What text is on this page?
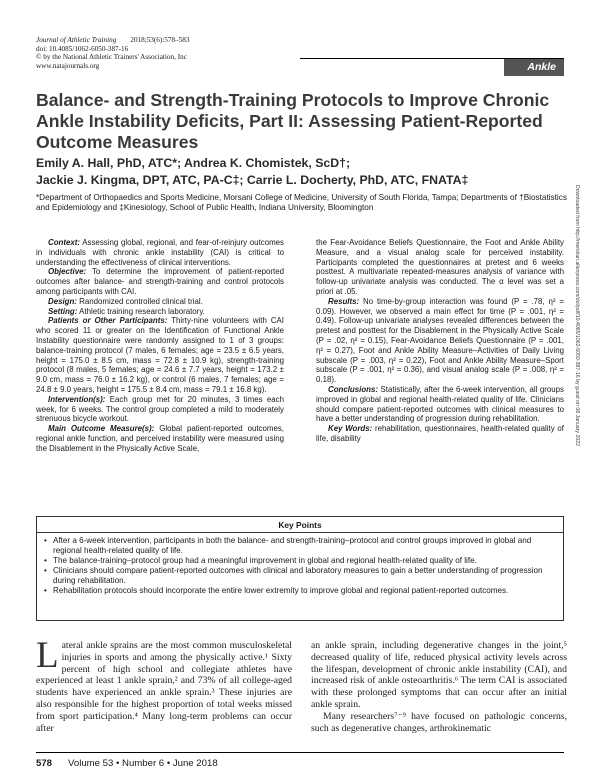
Journal of Athletic Training 2018;53(6):578–583
doi: 10.4085/1062-6050-387-16
© by the National Athletic Trainers' Association, Inc
www.natajournals.org	Ankle
Balance- and Strength-Training Protocols to Improve Chronic Ankle Instability Deficits, Part II: Assessing Patient-Reported Outcome Measures
Emily A. Hall, PhD, ATC*; Andrea K. Chomistek, ScD†;
Jackie J. Kingma, DPT, ATC, PA-C‡; Carrie L. Docherty, PhD, ATC, FNATA‡
*Department of Orthopaedics and Sports Medicine, Morsani College of Medicine, University of South Florida, Tampa; Departments of †Biostatistics and Epidemiology and ‡Kinesiology, School of Public Health, Indiana University, Bloomington	Downloaded from http://meridian.allenpress.com/doi/pdf/10.4085/1062-6050-387-16 by guest on 08 January 2022

Context: Assessing global, regional, and fear-of-reinjury outcomes in individuals with chronic ankle instability (CAI) is critical to understanding the effectiveness of clinical interventions.

Objective: To determine the improvement of patient-reported outcomes after balance- and strength-training and control protocols among participants with CAI.

Design: Randomized controlled clinical trial.

Setting: Athletic training research laboratory.

Patients or Other Participants: Thirty-nine volunteers with CAI who scored 11 or greater on the Identification of Functional Ankle Instability questionnaire were randomly assigned to 1 of 3 groups: balance-training protocol (7 males, 6 females; age = 23.5 ± 6.5 years, height = 175.0 ± 8.5 cm, mass = 72.8 ± 10.9 kg), strength-training protocol (8 males, 5 females; age = 24.6 ± 7.7 years, height = 173.2 ± 9.0 cm, mass = 76.0 ± 16.2 kg), or control (6 males, 7 females; age = 24.8 ± 9.0 years, height = 175.5 ± 8.4 cm, mass = 79.1 ± 16.8 kg).

Intervention(s): Each group met for 20 minutes, 3 times each week, for 6 weeks. The control group completed a mild to moderately strenuous bicycle workout.

Main Outcome Measure(s): Global patient-reported outcomes, regional ankle function, and perceived instability were measured using the Disablement in the Physically Active Scale,

the Fear-Avoidance Beliefs Questionnaire, the Foot and Ankle Ability Measure, and a visual analog scale for perceived instability. Participants completed the questionnaires at pretest and 6 weeks posttest. A multivariate repeated-measures analysis of variance with follow-up univariate analysis was conducted. The α level was set a priori at .05.

Results: No time-by-group interaction was found (P = .78, η² = 0.09). However, we observed a main effect for time (P = .001, η² = 0.49). Follow-up univariate analyses revealed differences between the pretest and posttest for the Disablement in the Physically Active Scale (P = .02, η² = 0.15), Fear-Avoidance Beliefs Questionnaire (P = .001, η² = 0.27), Foot and Ankle Ability Measure–Activities of Daily Living subscale (P = .003, η² = 0.22), Foot and Ankle Ability Measure–Sport subscale (P = .001, η² = 0.36), and visual analog scale (P = .008, η² = 0.18).

Conclusions: Statistically, after the 6-week intervention, all groups improved in global and regional health-related quality of life. Clinicians should compare patient-reported outcomes with clinical measures to have a better understanding of progression during rehabilitation.

Key Words: rehabilitation, questionnaires, health-related quality of life, disability

Key Points
• After a 6-week intervention, participants in both the balance- and strength-training–protocol and control groups improved in global and regional health-related quality of life.
• The balance-training–protocol group had a meaningful improvement in global and regional health-related quality of life.
• Clinicians should compare patient-reported outcomes with clinical and laboratory measures to gain a better understanding of progression during rehabilitation.
• Rehabilitation protocols should incorporate the entire lower extremity to improve global and regional patient-reported outcomes.

Lateral ankle sprains are the most common musculoskeletal injuries in sports and among the physically active.¹ Sixty percent of high school and collegiate athletes have experienced at least 1 ankle sprain,² and 73% of all college-aged students have experienced an ankle sprain.³ These injuries are also responsible for the highest proportion of total weeks missed from sport participation.⁴ Many long-term problems can occur after

an ankle sprain, including degenerative changes in the joint,⁵ decreased quality of life, reduced physical activity levels across the lifespan, development of chronic ankle instability (CAI), and increased risk of ankle osteoarthritis.⁶ The term CAI is associated with these prolonged symptoms that can occur after an initial ankle sprain.

Many researchers⁷⁻⁹ have focused on pathologic concerns, such as degenerative changes, arthrokinematic

578 Volume 53 • Number 6 • June 2018
